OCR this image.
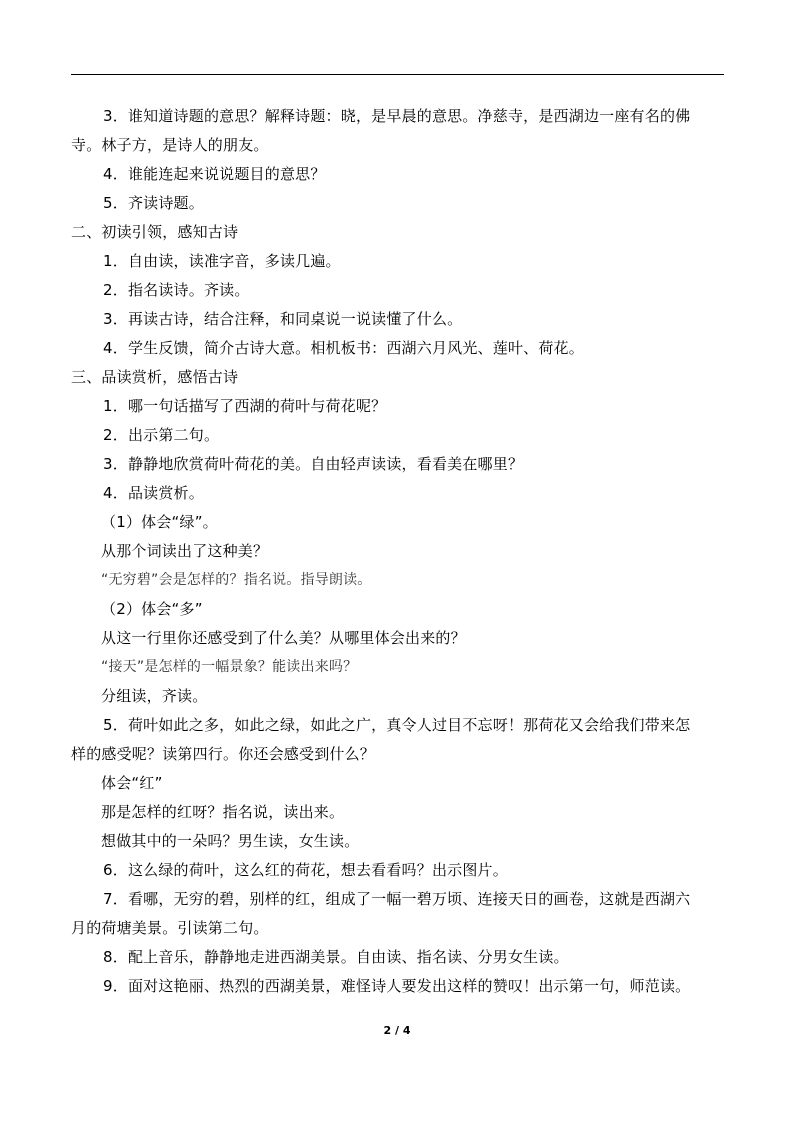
3．谁知道诗题的意思？解释诗题：晓，是早晨的意思。净慈寺，是西湖边一座有名的佛
寺。林子方，是诗人的朋友。
4．谁能连起来说说题目的意思？
5．齐读诗题。
二、初读引领，感知古诗
1．自由读，读准字音，多读几遍。
2．指名读诗。齐读。
3．再读古诗，结合注释，和同桌说一说读懂了什么。
4．学生反馈，简介古诗大意。相机板书：西湖六月风光、莲叶、荷花。
三、品读赏析，感悟古诗
1．哪一句话描写了西湖的荷叶与荷花呢？
2．出示第二句。
3．静静地欣赏荷叶荷花的美。自由轻声读读，看看美在哪里？
4．品读赏析。
（1）体会“绿”。
从那个词读出了这种美？
“无穷碧”会是怎样的？指名说。指导朗读。
（2）体会“多”
从这一行里你还感受到了什么美？从哪里体会出来的？
“接天”是怎样的一幅景象？能读出来吗？
分组读，齐读。
5．荷叶如此之多，如此之绿，如此之广，真令人过目不忘呀！那荷花又会给我们带来怎
样的感受呢？读第四行。你还会感受到什么？
体会“红”
那是怎样的红呀？指名说，读出来。
想做其中的一朵吗？男生读，女生读。
6．这么绿的荷叶，这么红的荷花，想去看看吗？出示图片。
7．看哪，无穷的碧，别样的红，组成了一幅一碧万顷、连接天日的画卷，这就是西湖六
月的荷塘美景。引读第二句。
8．配上音乐，静静地走进西湖美景。自由读、指名读、分男女生读。
9．面对这艳丽、热烈的西湖美景，难怪诗人要发出这样的赞叹！出示第一句，师范读。
2 / 4
